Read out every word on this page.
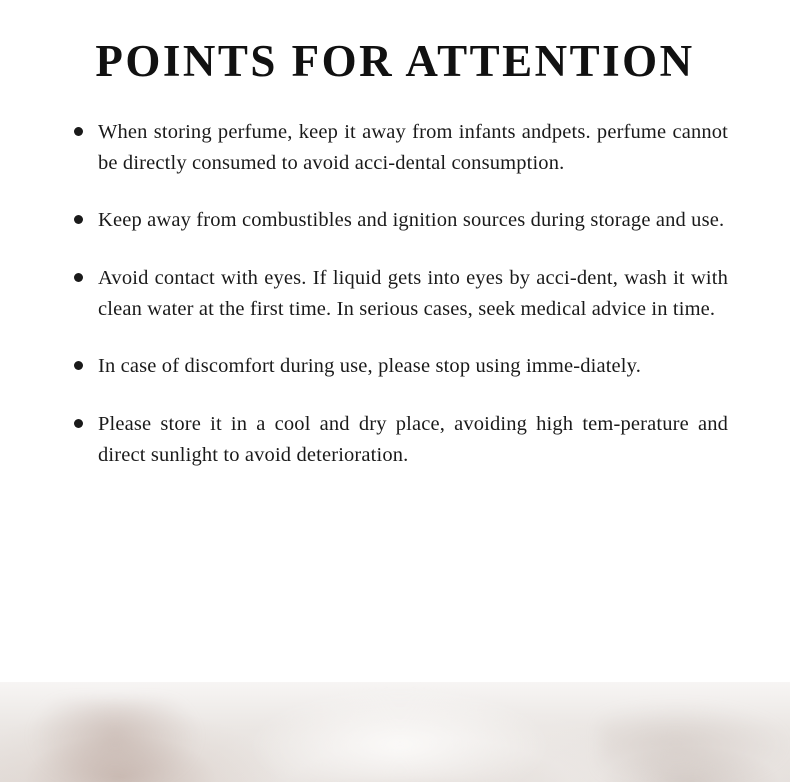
POINTS FOR ATTENTION
When storing perfume, keep it away from infants andpets. perfume cannot be directly consumed to avoid acci-dental consumption.
Keep away from combustibles and ignition sources during storage and use.
Avoid contact with eyes. If liquid gets into eyes by acci-dent, wash it with clean water at the first time. In serious cases, seek medical advice in time.
In case of discomfort during use, please stop using imme-diately.
Please store it in a cool and dry place, avoiding high tem-perature and direct sunlight to avoid deterioration.
